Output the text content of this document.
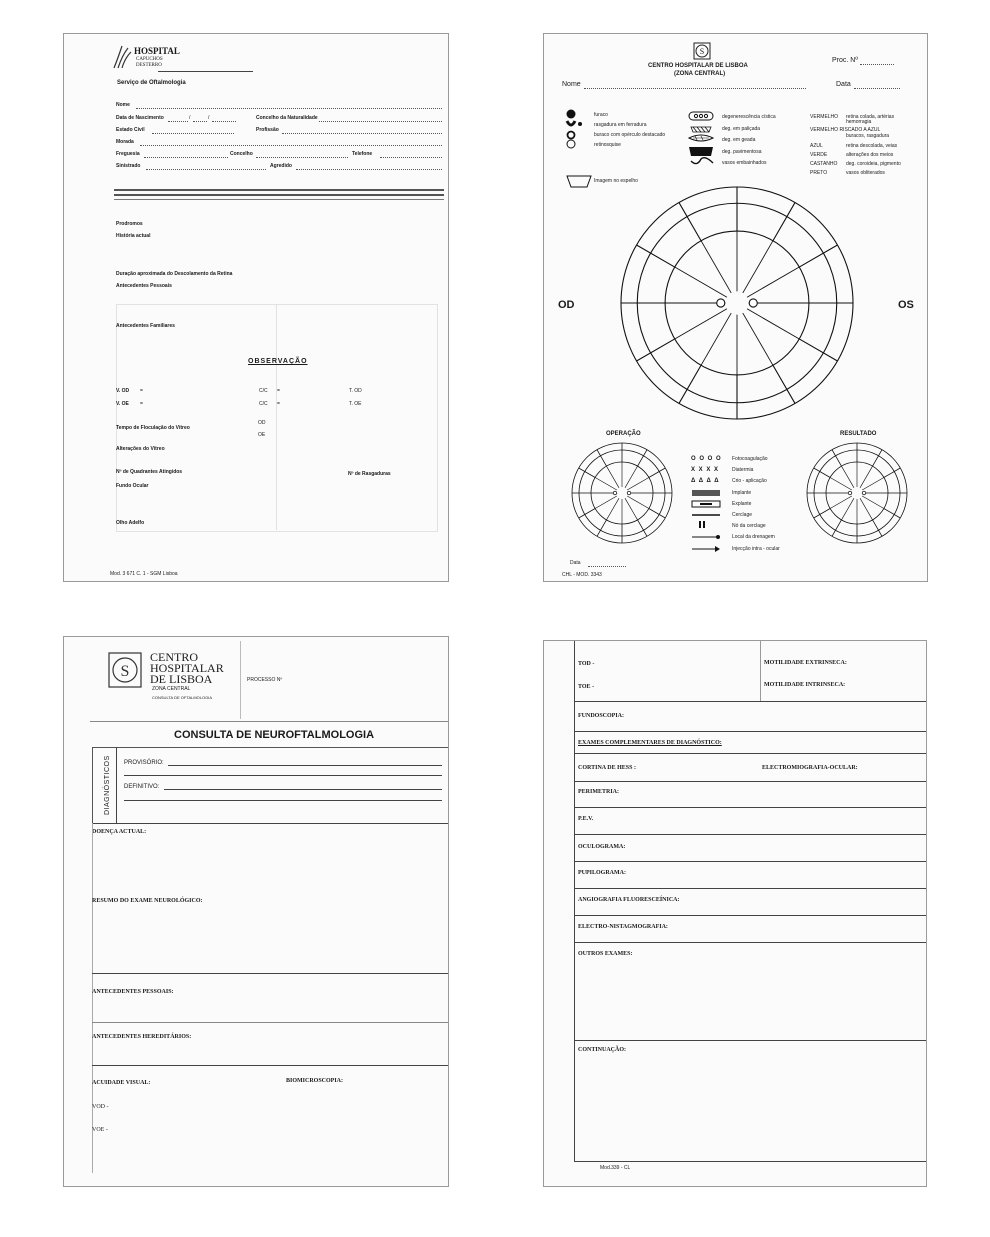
HOSPITAL
CAPUCHOS
DESTERRO
Serviço de Oftalmologia
Nome
Data de Nascimento	/	/	Concelho da Naturalidade
Estado Civil	Profissão
Morada
Freguesia	Concelho	Telefone
Sinistrado	Agredido
Prodromos
História actual
Duração aproximada do Descolamento da Retina
Antecedentes Pessoais
Antecedentes Familiares
OBSERVAÇÃO
V. OD =	C/C =	T. OD
V. OE =	C/C =	T. OE
Tempo de Floculação do Vítreo
OD
OE
Alterações do Vítreo
Nº de Quadrantes Atingidos	Nº de Rasgaduras
Fundo Ocular
Olho Adelfo
Mod. 3 671 C. 1 - SGM Lisboa
S
CENTRO HOSPITALAR DE LISBOA
(ZONA CENTRAL)
Proc. Nº
Nome	Data
furaco
rasgadura em ferradura
buraco com opérculo destacado
retinosquise
Imagem no espelho
degenerescência cística
deg. em paliçada
deg. em geada
deg. pavimentosa
vasos embainhados
VERMELHO retina colada, artérias hemorragia
VERMELHO RISCADO A AZUL
buracos, rasgadura
AZUL	retina descolada, veias
VERDE	alterações dos meios
CASTANHO deg. coroideia, pigmento
PRETO	vasos obliterados
OD	OS
OPERAÇÃO	RESULTADO
O O O O Fotocoagulação
X X X X	Diatermia
Δ Δ Δ Δ Crio - aplicação
Implante
Explante
Cerclage
Nó da cerclage
Local da drenagem
Injecção intra - ocular
Data
CHL - MOD. 3343
S
CENTRO
HOSPITALAR
DE LISBOA
ZONA CENTRAL
CONSULTA DE OFTALMOLOGIA
PROCESSO Nº
CONSULTA DE NEUROFTALMOLOGIA
DIAGNÓSTICOS PROVISÓRIO:
DEFINITIVO:
DOENÇA ACTUAL:
RESUMO DO EXAME NEUROLÓGICO:
ANTECEDENTES PESSOAIS:
ANTECEDENTES HEREDITÁRIOS:
ACUIDADE VISUAL:	BIOMICROSCOPIA:
VOD -
VOE -
TOD -	MOTILIDADE EXTRINSECA:
TOE -	MOTILIDADE INTRINSECA:
FUNDOSCOPIA:
EXAMES COMPLEMENTARES DE DIAGNÓSTICO:
CORTINA DE HESS :	ELECTROMIOGRAFIA-OCULAR:
PERIMETRIA:
P.E.V.
OCULOGRAMA:
PUPILOGRAMA:
ANGIOGRAFIA FLUORESCEÍNICA:
ELECTRO-NISTAGMOGRAFIA:
OUTROS EXAMES:
CONTINUAÇÃO:
Mod.339 - CL
